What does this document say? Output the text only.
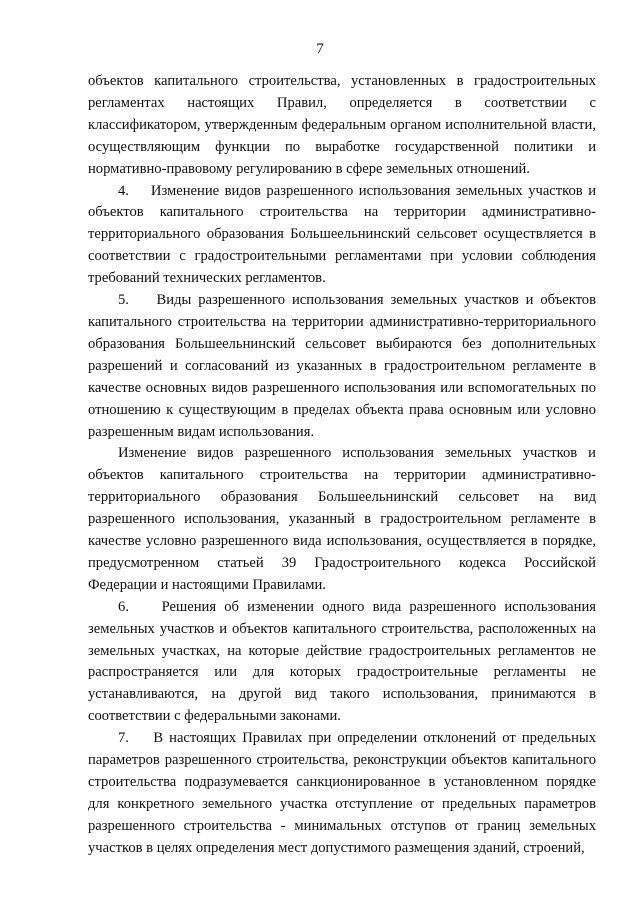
7

объектов капитального строительства, установленных в градостроительных регламентах настоящих Правил, определяется в соответствии с классификатором, утвержденным федеральным органом исполнительной власти, осуществляющим функции по выработке государственной политики и нормативно-правовому регулированию в сфере земельных отношений.

4.    Изменение видов разрешенного использования земельных участков и объектов капитального строительства на территории административно-территориального образования Большеельнинский сельсовет осуществляется в соответствии с градостроительными регламентами при условии соблюдения требований технических регламентов.

5.    Виды разрешенного использования земельных участков и объектов капитального строительства на территории административно-территориального образования Большеельнинский сельсовет выбираются без дополнительных разрешений и согласований из указанных в градостроительном регламенте в качестве основных видов разрешенного использования или вспомогательных по отношению к существующим в пределах объекта права основным или условно разрешенным видам использования.

Изменение видов разрешенного использования земельных участков и объектов капитального строительства на территории административно-территориального образования Большеельнинский сельсовет на вид разрешенного использования, указанный в градостроительном регламенте в качестве условно разрешенного вида использования, осуществляется в порядке, предусмотренном статьей 39 Градостроительного кодекса Российской Федерации и настоящими Правилами.

6.    Решения об изменении одного вида разрешенного использования земельных участков и объектов капитального строительства, расположенных на земельных участках, на которые действие градостроительных регламентов не распространяется или для которых градостроительные регламенты не устанавливаются, на другой вид такого использования, принимаются в соответствии с федеральными законами.

7.    В настоящих Правилах при определении отклонений от предельных параметров разрешенного строительства, реконструкции объектов капитального строительства подразумевается санкционированное в установленном порядке для конкретного земельного участка отступление от предельных параметров разрешенного строительства - минимальных отступов от границ земельных участков в целях определения мест допустимого размещения зданий, строений,
